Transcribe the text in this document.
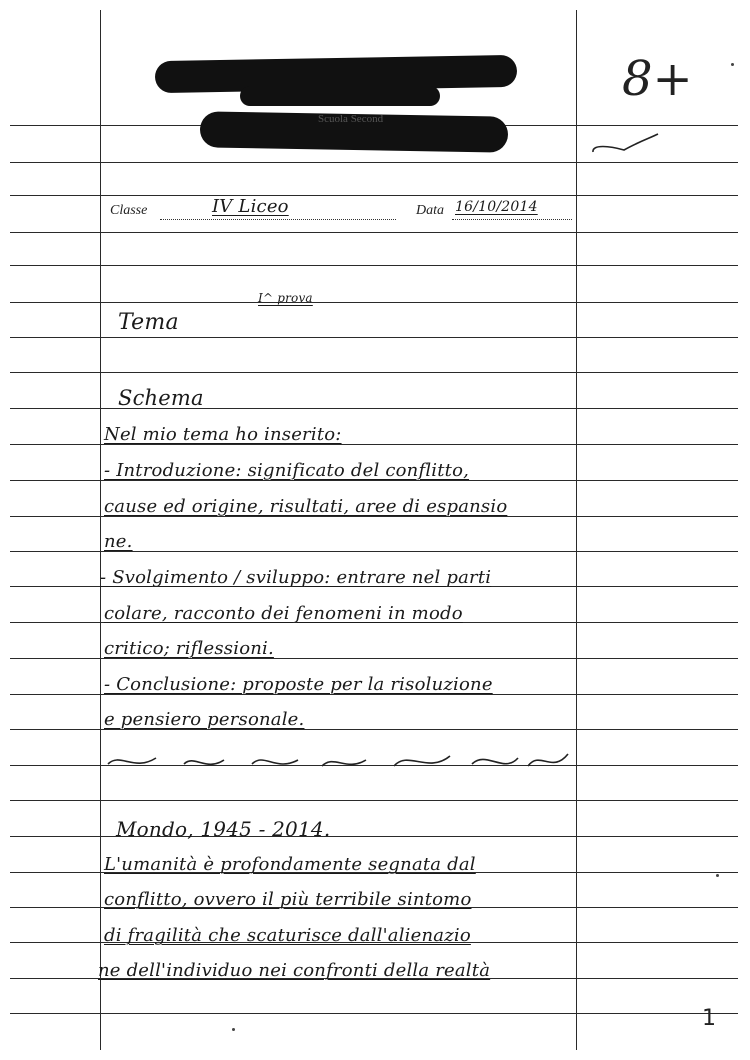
Scuola Second
8+
Classe	IV Liceo	Data 16/10/2014
I^ prova
Tema
Schema
Nel mio tema ho inserito:
- Introduzione: significato del conflitto,
cause ed origine, risultati, aree di espansio
ne.
- Svolgimento / sviluppo: entrare nel parti
colare, racconto dei fenomeni in modo
critico; riflessioni.
- Conclusione: proposte per la risoluzione
e pensiero personale.
Mondo, 1945 - 2014.
L'umanità è profondamente segnata dal
conflitto, ovvero il più terribile sintomo
di fragilità che scaturisce dall'alienazio
ne dell'individuo nei confronti della realtà
1
